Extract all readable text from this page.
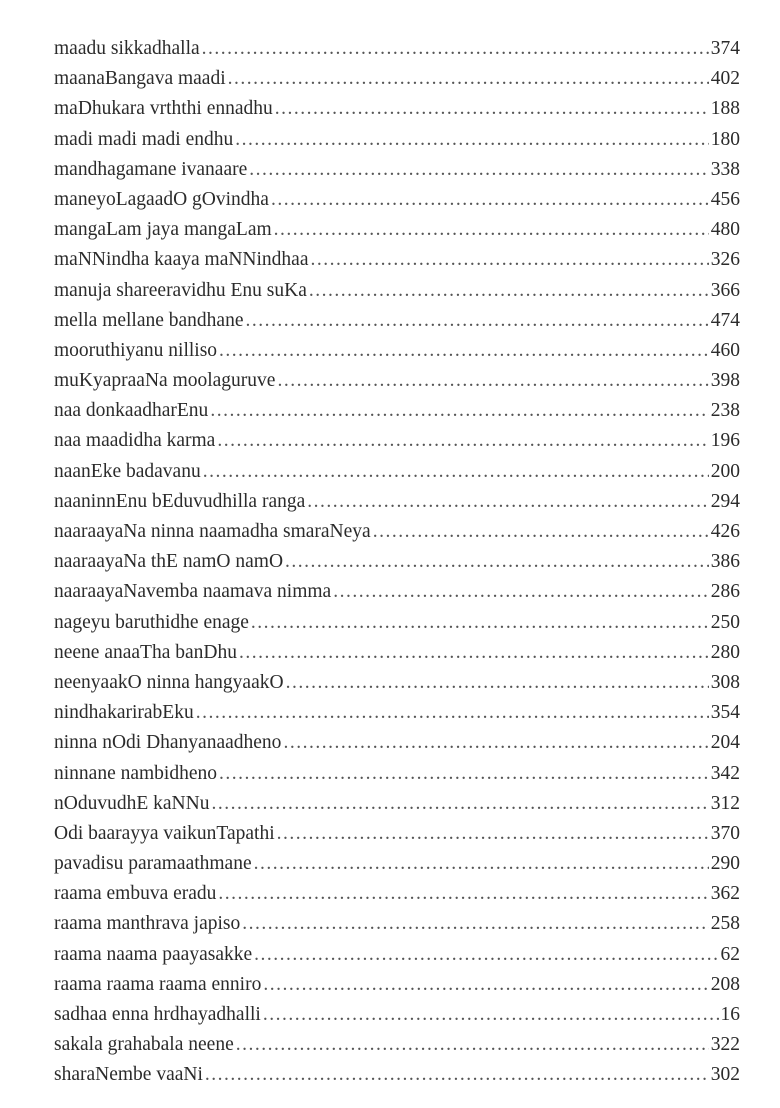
maadu sikkadhalla .....	374
maanaBangava maadi .....	402
maDhukara vrththi ennadhu .....	188
madi madi madi endhu .....	180
mandhagamane ivanaare .....	338
maneyoLagaadO gOvindha .....	456
mangaLam jaya mangaLam .....	480
maNNindha kaaya maNNindhaa .....	326
manuja shareeravidhu Enu suKa .....	366
mella mellane bandhane .....	474
mooruthiyanu nilliso .....	460
muKyapraaNa moolaguruve .....	398
naa donkaadharEnu .....	238
naa maadidha karma .....	196
naanEke badavanu .....	200
naaninnEnu bEduvudhilla ranga .....	294
naaraayaNa ninna naamadha smaraNeya .....	426
naaraayaNa thE namO namO .....	386
naaraayaNavemba naamava nimma .....	286
nageyu baruthidhe enage .....	250
neene anaaTha banDhu .....	280
neenyaakO ninna hangyaakO .....	308
nindhakarirabEku .....	354
ninna nOdi Dhanyanaadheno .....	204
ninnane nambidheno .....	342
nOduvudhE kaNNu .....	312
Odi baarayya vaikunTapathi .....	370
pavadisu paramaathmane .....	290
raama embuva eradu .....	362
raama manthrava japiso .....	258
raama naama paayasakke .....	62
raama raama raama enniro .....	208
sadhaa enna hrdhayadhalli .....	16
sakala grahabala neene .....	322
sharaNembe vaaNi .....	302
